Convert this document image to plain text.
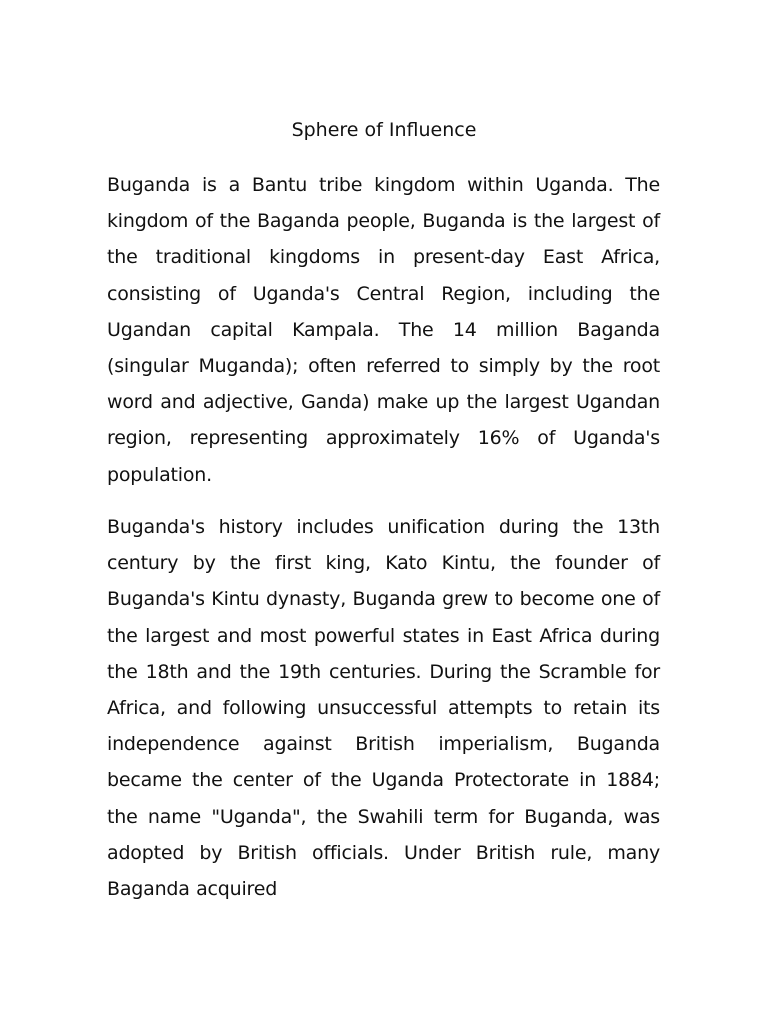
Sphere of Influence

Buganda is a Bantu tribe kingdom within Uganda. The kingdom of the Baganda people, Buganda is the largest of the traditional kingdoms in present-day East Africa, consisting of Uganda's Central Region, including the Ugandan capital Kampala. The 14 million Baganda (singular Muganda); often referred to simply by the root word and adjective, Ganda) make up the largest Ugandan region, representing approximately 16% of Uganda's population.

Buganda's history includes unification during the 13th century by the first king, Kato Kintu, the founder of Buganda's Kintu dynasty, Buganda grew to become one of the largest and most powerful states in East Africa during the 18th and the 19th centuries. During the Scramble for Africa, and following unsuccessful attempts to retain its independence against British imperialism, Buganda became the center of the Uganda Protectorate in 1884; the name "Uganda", the Swahili term for Buganda, was adopted by British officials. Under British rule, many Baganda acquired
